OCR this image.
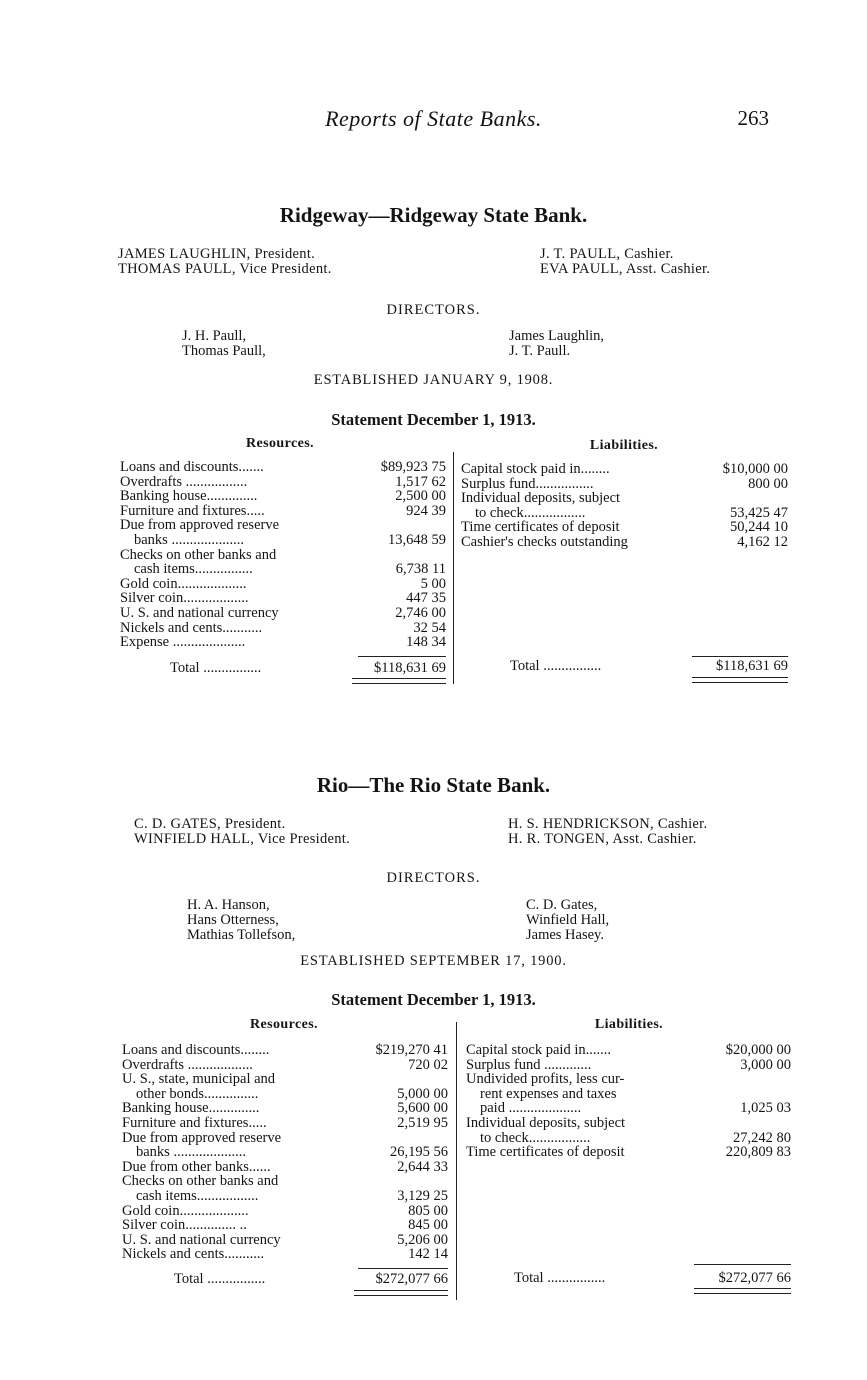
Reports of State Banks.	263
Ridgeway—Ridgeway State Bank.
JAMES LAUGHLIN, President.
THOMAS PAULL, Vice President.
J. T. PAULL, Cashier.
EVA PAULL, Asst. Cashier.
DIRECTORS.
J. H. Paull,
Thomas Paull,
James Laughlin,
J. T. Paull.
ESTABLISHED JANUARY 9, 1908.
Statement December 1, 1913.
Resources.	Liabilities.
Loans and discounts.......	$89,923 75
Overdrafts .................	1,517 62
Banking house..............	2,500 00
Furniture and fixtures.....	924 39
Due from approved reserve
banks ....................	13,648 59
Checks on other banks and
cash items................	6,738 11
Gold coin...................	5 00
Silver coin..................	447 35
U. S. and national currency	2,746 00
Nickels and cents...........	32 54
Expense ....................	148 34
Capital stock paid in........	$10,000 00
Surplus fund................	800 00
Individual deposits, subject
to check.................	53,425 47
Time certificates of deposit	50,244 10
Cashier's checks outstanding	4,162 12
Total ................	$118,631 69	Total ................	$118,631 69
Rio—The Rio State Bank.
C. D. GATES, President.
WINFIELD HALL, Vice President.
H. S. HENDRICKSON, Cashier.
H. R. TONGEN, Asst. Cashier.
DIRECTORS.
H. A. Hanson,
Hans Otterness,
Mathias Tollefson,
C. D. Gates,
Winfield Hall,
James Hasey.
ESTABLISHED SEPTEMBER 17, 1900.
Statement December 1, 1913.
Resources.	Liabilities.
Loans and discounts........	$219,270 41
Overdrafts ..................	720 02
U. S., state, municipal and
other bonds...............	5,000 00
Banking house..............	5,600 00
Furniture and fixtures.....	2,519 95
Due from approved reserve
banks ....................	26,195 56
Due from other banks......	2,644 33
Checks on other banks and
cash items.................	3,129 25
Gold coin...................	805 00
Silver coin.............. ..	845 00
U. S. and national currency	5,206 00
Nickels and cents...........	142 14
Capital stock paid in.......	$20,000 00
Surplus fund .............	3,000 00
Undivided profits, less cur-
rent expenses and taxes
paid ....................	1,025 03
Individual deposits, subject
to check.................	27,242 80
Time certificates of deposit	220,809 83
Total ................	$272,077 66	Total ................	$272,077 66
